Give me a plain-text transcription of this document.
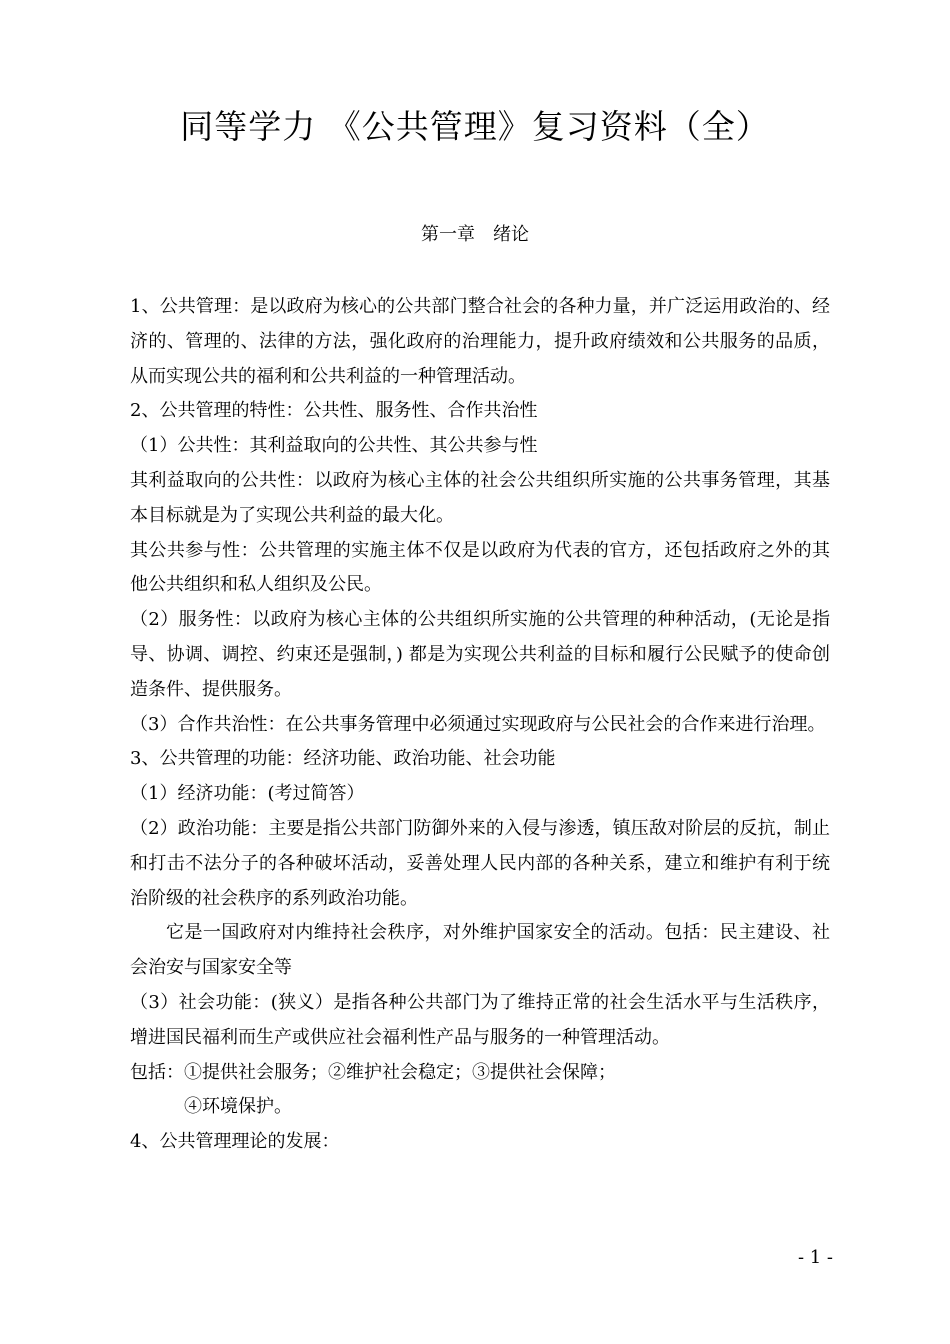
同等学力 《公共管理》复习资料（全）
第一章　绪论

1、公共管理：是以政府为核心的公共部门整合社会的各种力量，并广泛运用政治的、经济的、管理的、法律的方法，强化政府的治理能力，提升政府绩效和公共服务的品质，从而实现公共的福利和公共利益的一种管理活动。

2、公共管理的特性：公共性、服务性、合作共治性

（1）公共性：其利益取向的公共性、其公共参与性

其利益取向的公共性：以政府为核心主体的社会公共组织所实施的公共事务管理，其基本目标就是为了实现公共利益的最大化。

其公共参与性：公共管理的实施主体不仅是以政府为代表的官方，还包括政府之外的其他公共组织和私人组织及公民。

（2）服务性：以政府为核心主体的公共组织所实施的公共管理的种种活动，(无论是指导、协调、调控、约束还是强制，) 都是为实现公共利益的目标和履行公民赋予的使命创造条件、提供服务。

（3）合作共治性：在公共事务管理中必须通过实现政府与公民社会的合作来进行治理。

3、公共管理的功能：经济功能、政治功能、社会功能

（1）经济功能：(考过简答）

（2）政治功能：主要是指公共部门防御外来的入侵与渗透，镇压敌对阶层的反抗，制止和打击不法分子的各种破坏活动，妥善处理人民内部的各种关系，建立和维护有利于统治阶级的社会秩序的系列政治功能。

它是一国政府对内维持社会秩序，对外维护国家安全的活动。包括：民主建设、社会治安与国家安全等

（3）社会功能：(狭义）是指各种公共部门为了维持正常的社会生活水平与生活秩序，增进国民福利而生产或供应社会福利性产品与服务的一种管理活动。

包括：①提供社会服务；②维护社会稳定；③提供社会保障；

④环境保护。

4、公共管理理论的发展：

- 1 -
